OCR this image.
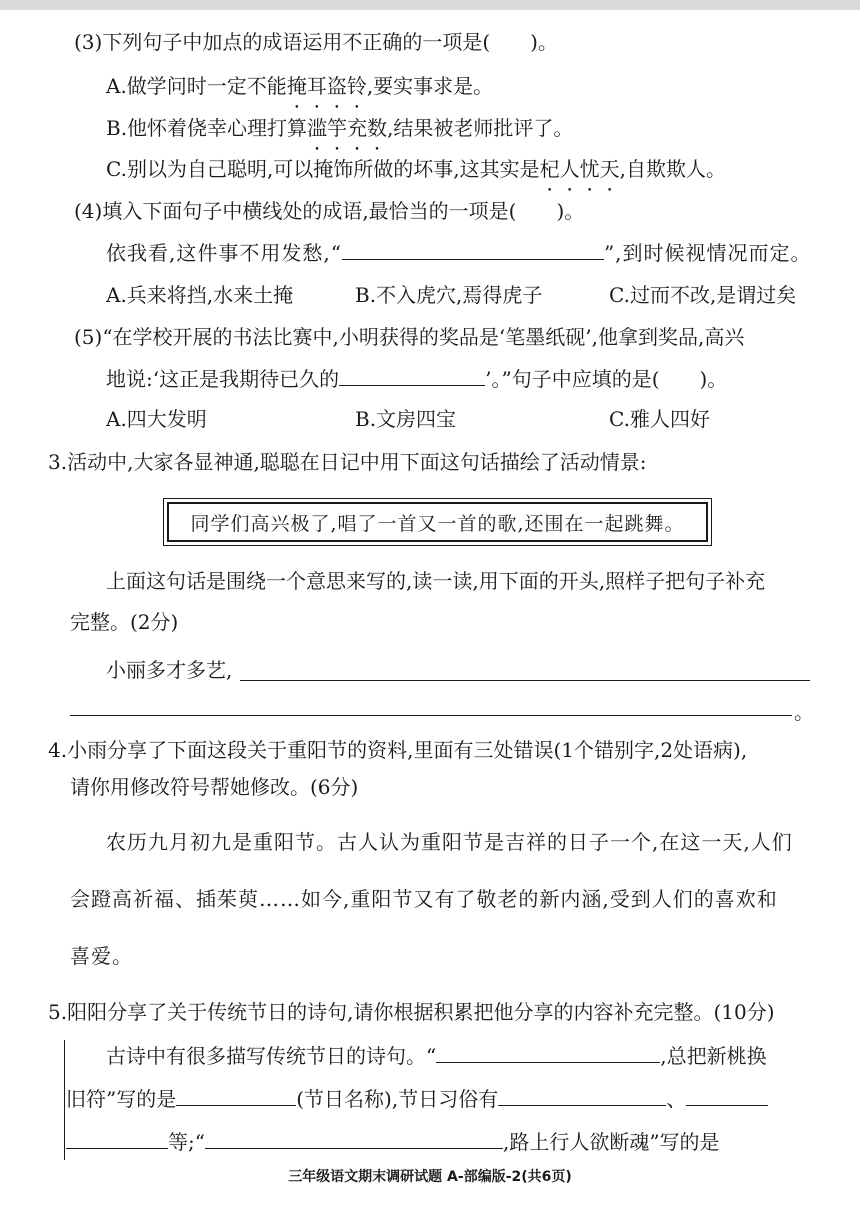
(3)下列句子中加点的成语运用不正确的一项是(　　)。
A.做学问时一定不能掩耳盗铃,要实事求是。
B.他怀着侥幸心理打算滥竽充数,结果被老师批评了。
C.别以为自己聪明,可以掩饰所做的坏事,这其实是杞人忧天,自欺欺人。
(4)填入下面句子中横线处的成语,最恰当的一项是(　　)。
依我看,这件事不用发愁,“	”,到时候视情况而定。
A.兵来将挡,水来土掩	B.不入虎穴,焉得虎子	C.过而不改,是谓过矣
(5)“在学校开展的书法比赛中,小明获得的奖品是‘笔墨纸砚’,他拿到奖品,高兴
地说:‘这正是我期待已久的	’。”句子中应填的是(　　)。
A.四大发明	B.文房四宝	C.雅人四好
3.活动中,大家各显神通,聪聪在日记中用下面这句话描绘了活动情景:
同学们高兴极了,唱了一首又一首的歌,还围在一起跳舞。
上面这句话是围绕一个意思来写的,读一读,用下面的开头,照样子把句子补充
完整。(2分)
小丽多才多艺,
。
4.小雨分享了下面这段关于重阳节的资料,里面有三处错误(1个错别字,2处语病),
请你用修改符号帮她修改。(6分)
农历九月初九是重阳节。古人认为重阳节是吉祥的日子一个,在这一天,人们
会蹬高祈福、插茱萸……如今,重阳节又有了敬老的新内涵,受到人们的喜欢和
喜爱。
5.阳阳分享了关于传统节日的诗句,请你根据积累把他分享的内容补充完整。(10分)
古诗中有很多描写传统节日的诗句。“	,总把新桃换
旧符”写的是	(节日名称),节日习俗有	、
等;“	,路上行人欲断魂”写的是
三年级语文期末调研试题 A-部编版-2(共6页)
